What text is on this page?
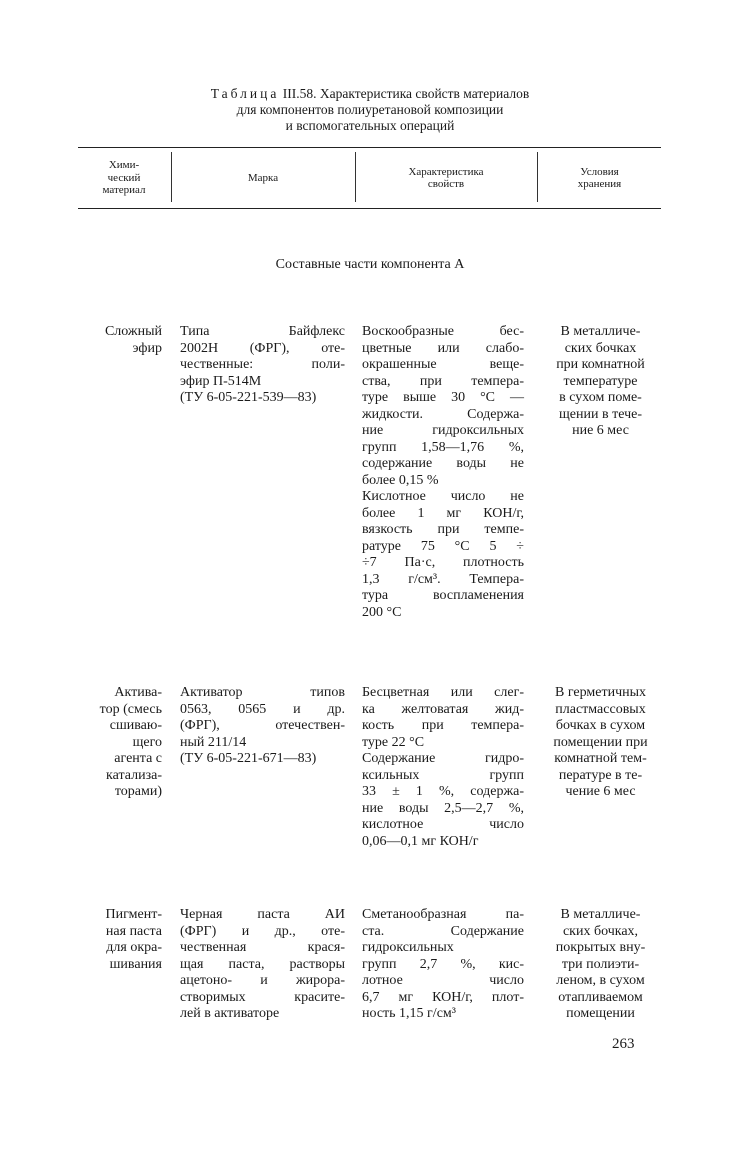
Таблица III.58. Характеристика свойств материалов
для компонентов полиуретановой композиции
и вспомогательных операций
Хими-
ческий
материал
Марка
Характеристика
свойств
Условия
хранения
Составные части компонента А
Сложный
эфир
Типа Байфлекс
2002Н (ФРГ), оте-
чественные: поли-
эфир П-514М
(ТУ 6-05-221-539—83)
Воскообразные бес-
цветные или слабо-
окрашенные веще-
ства, при темпера-
туре выше 30 °С —
жидкости. Содержа-
ние гидроксильных
групп 1,58—1,76 %,
содержание воды не
более 0,15 %
Кислотное число не
более 1 мг КОН/г,
вязкость при темпе-
ратуре 75 °С 5 ÷
÷7 Па·с, плотность
1,3 г/см³. Темпера-
тура воспламенения
200 °С
В металличе-
ских бочках
при комнатной
температуре
в сухом поме-
щении в тече-
ние 6 мес
Актива-
тор (смесь
сшиваю-
щего
агента с
катализа-
торами)
Активатор типов
0563, 0565 и др.
(ФРГ), отечествен-
ный 211/14
(ТУ 6-05-221-671—83)
Бесцветная или слег-
ка желтоватая жид-
кость при темпера-
туре 22 °С
Содержание гидро-
ксильных групп
33 ± 1 %, содержа-
ние воды 2,5—2,7 %,
кислотное число
0,06—0,1 мг КОН/г
В герметичных
пластмассовых
бочках в сухом
помещении при
комнатной тем-
пературе в те-
чение 6 мес
Пигмент-
ная паста
для окра-
шивания
Черная паста АИ
(ФРГ) и др., оте-
чественная крася-
щая паста, растворы
ацетоно- и жирора-
створимых красите-
лей в активаторе
Сметанообразная па-
ста. Содержание
гидроксильных
групп 2,7 %, кис-
лотное число
6,7 мг КОН/г, плот-
ность 1,15 г/см³
В металличе-
ских бочках,
покрытых вну-
три полиэти-
леном, в сухом
отапливаемом
помещении
263
